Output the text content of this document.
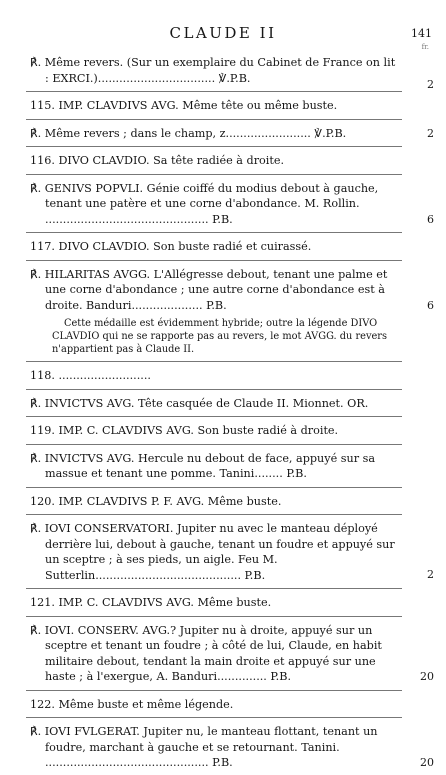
CLAUDE II	141
fr.
℟. Même revers. (Sur un exemplaire du Cabinet de France on lit : EXRCI.)................................. ℣.P.B.	2
115. IMP. CLAVDIVS AVG. Même tête ou même buste.
℟. Même revers ; dans le champ, z........................ ℣.P.B.	2
116. DIVO CLAVDIO. Sa tête radiée à droite.
℟. GENIVS POPVLI. Génie coiffé du modius debout à gauche, tenant une patère et une corne d'abondance. M. Rollin. .............................................. P.B.	6
117. DIVO CLAVDIO. Son buste radié et cuirassé.
℟. HILARITAS AVGG. L'Allégresse debout, tenant une palme et une corne d'abondance ; une autre corne d'abondance est à droite. Banduri.................... P.B.	6
Cette médaille est évidemment hybride; outre la légende DIVO CLAVDIO qui ne se rapporte pas au revers, le mot AVGG. du revers n'appartient pas à Claude II.
118. ..........................
℟. INVICTVS AVG. Tête casquée de Claude II. Mionnet. OR.
119. IMP. C. CLAVDIVS AVG. Son buste radié à droite.
℟. INVICTVS AVG. Hercule nu debout de face, appuyé sur sa massue et tenant une pomme. Tanini........ P.B.
120. IMP. CLAVDIVS P. F. AVG. Même buste.
℟. IOVI CONSERVATORI. Jupiter nu avec le manteau déployé derrière lui, debout à gauche, tenant un foudre et appuyé sur un sceptre ; à ses pieds, un aigle. Feu M. Sutterlin......................................... P.B.	2
121. IMP. C. CLAVDIVS AVG. Même buste.
℟. IOVI. CONSERV. AVG.? Jupiter nu à droite, appuyé sur un sceptre et tenant un foudre ; à côté de lui, Claude, en habit militaire debout, tendant la main droite et appuyé sur une haste ; à l'exergue, A. Banduri.............. P.B.	20
122. Même buste et même légende.
℟. IOVI FVLGERAT. Jupiter nu, le manteau flottant, tenant un foudre, marchant à gauche et se retournant. Tanini. .............................................. P.B.	20
